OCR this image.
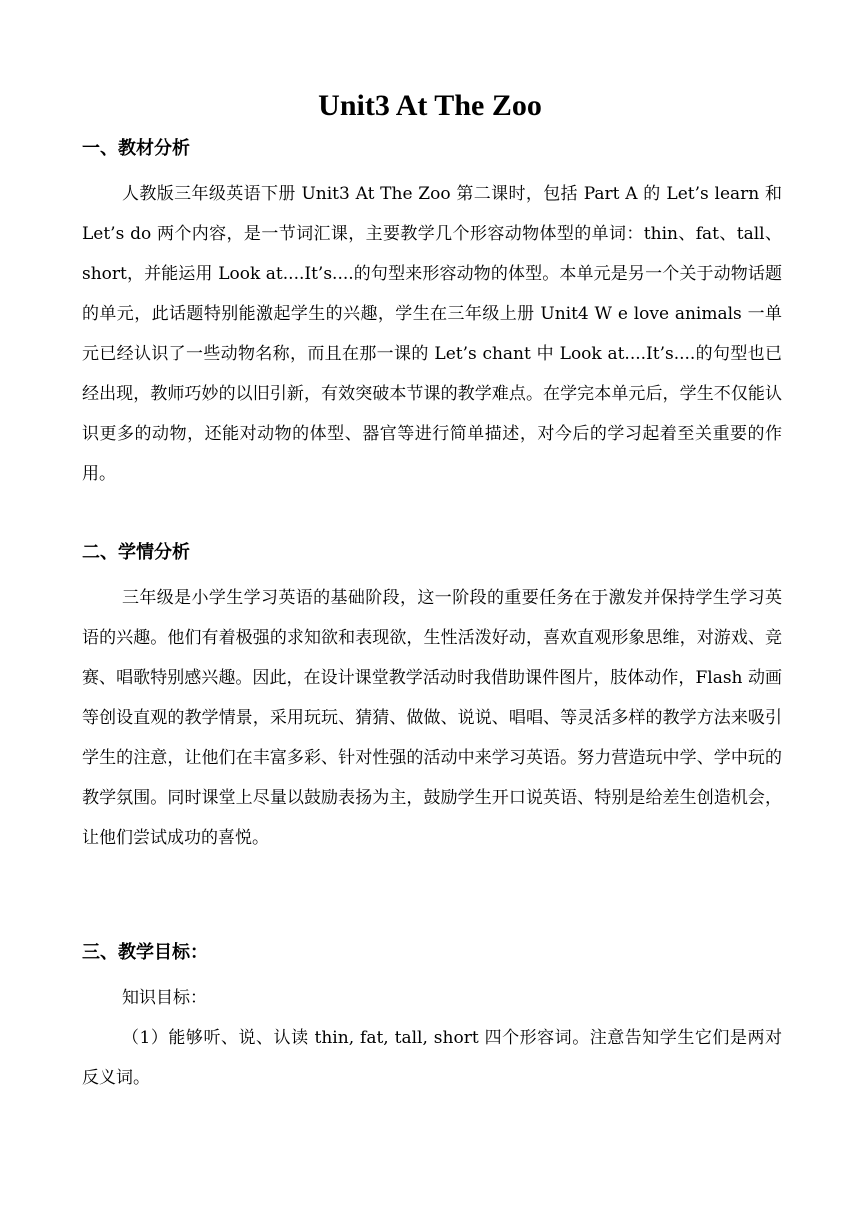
Unit3 At The Zoo
一、教材分析

人教版三年级英语下册 Unit3 At The Zoo 第二课时，包括 Part A 的 Let’s learn 和 Let’s do 两个内容，是一节词汇课，主要教学几个形容动物体型的单词：thin、fat、tall、short，并能运用 Look at....It’s....的句型来形容动物的体型。本单元是另一个关于动物话题的单元，此话题特别能激起学生的兴趣，学生在三年级上册 Unit4 W e love animals 一单元已经认识了一些动物名称，而且在那一课的 Let’s chant 中 Look at....It’s....的句型也已经出现，教师巧妙的以旧引新，有效突破本节课的教学难点。在学完本单元后，学生不仅能认识更多的动物，还能对动物的体型、器官等进行简单描述，对今后的学习起着至关重要的作用。

二、学情分析

三年级是小学生学习英语的基础阶段，这一阶段的重要任务在于激发并保持学生学习英语的兴趣。他们有着极强的求知欲和表现欲，生性活泼好动，喜欢直观形象思维，对游戏、竞赛、唱歌特别感兴趣。因此，在设计课堂教学活动时我借助课件图片，肢体动作，Flash 动画等创设直观的教学情景，采用玩玩、猜猜、做做、说说、唱唱、等灵活多样的教学方法来吸引学生的注意，让他们在丰富多彩、针对性强的活动中来学习英语。努力营造玩中学、学中玩的教学氛围。同时课堂上尽量以鼓励表扬为主，鼓励学生开口说英语、特别是给差生创造机会，让他们尝试成功的喜悦。

三、教学目标：

知识目标：

（1）能够听、说、认读 thin, fat, tall, short 四个形容词。注意告知学生它们是两对反义词。
